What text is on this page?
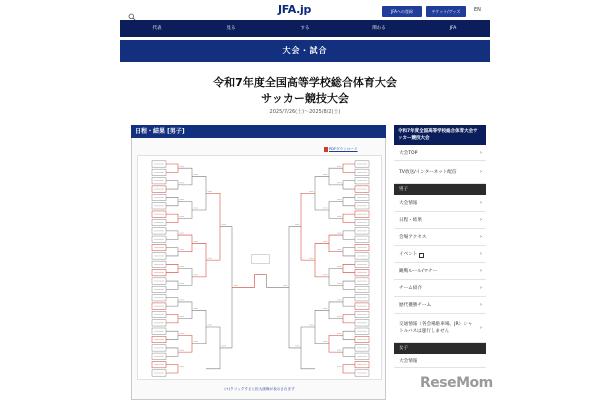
JFA.jp	JFAへの登録	チケット/グッズ	EN
代表	見る	する	関わる	JFA
大会・試合
令和7年度全国高等学校総合体育大会
サッカー競技大会
2025/7/26(土)〜2025/8/2(土)
日程・結果 [男子]
PDFダウンロード
(+)クリックすると拡大画像が表示されます
令和7年度全国高等学校総合体育大会サッカー競技大会
大会TOP	›
TV放送/インターネット配信	›
男子
大会情報	›
日程・結果	›
会場アクセス	›
イベント	›
観戦ルール/マナー	›
チーム紹介	›
歴代優勝チーム	›
交通情報（各会場駐車場、JR）シャトルバスは運行しません
›
女子
大会情報
ReseMom
